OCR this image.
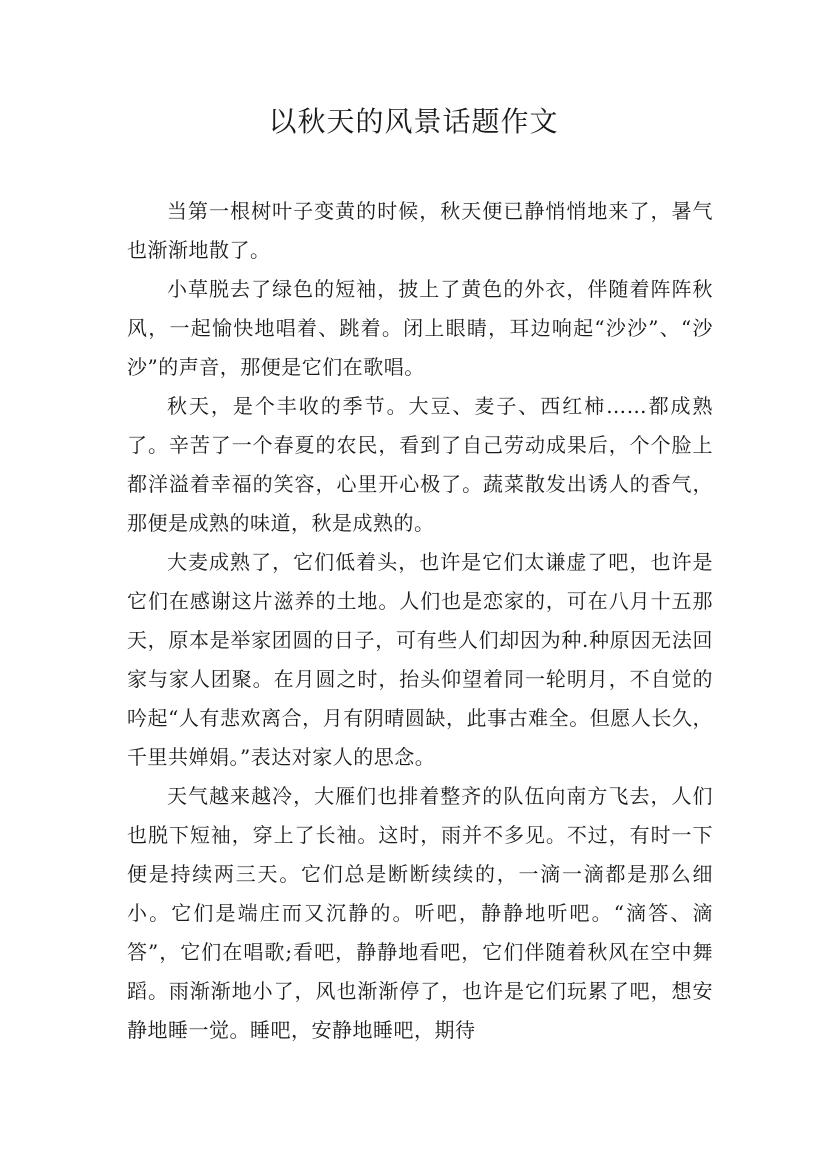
以秋天的风景话题作文

当第一根树叶子变黄的时候，秋天便已静悄悄地来了，暑气也渐渐地散了。

小草脱去了绿色的短袖，披上了黄色的外衣，伴随着阵阵秋风，一起愉快地唱着、跳着。闭上眼睛，耳边响起“沙沙”、“沙沙”的声音，那便是它们在歌唱。

秋天，是个丰收的季节。大豆、麦子、西红柿……都成熟了。辛苦了一个春夏的农民，看到了自己劳动成果后，个个脸上都洋溢着幸福的笑容，心里开心极了。蔬菜散发出诱人的香气，那便是成熟的味道，秋是成熟的。

大麦成熟了，它们低着头，也许是它们太谦虚了吧，也许是它们在感谢这片滋养的土地。人们也是恋家的，可在八月十五那天，原本是举家团圆的日子，可有些人们却因为种.种原因无法回家与家人团聚。在月圆之时，抬头仰望着同一轮明月，不自觉的吟起“人有悲欢离合，月有阴晴圆缺，此事古难全。但愿人长久，千里共婵娟。”表达对家人的思念。

天气越来越冷，大雁们也排着整齐的队伍向南方飞去，人们也脱下短袖，穿上了长袖。这时，雨并不多见。不过，有时一下便是持续两三天。它们总是断断续续的，一滴一滴都是那么细小。它们是端庄而又沉静的。听吧，静静地听吧。“滴答、滴答”，它们在唱歌;看吧，静静地看吧，它们伴随着秋风在空中舞蹈。雨渐渐地小了，风也渐渐停了，也许是它们玩累了吧，想安静地睡一觉。睡吧，安静地睡吧，期待
